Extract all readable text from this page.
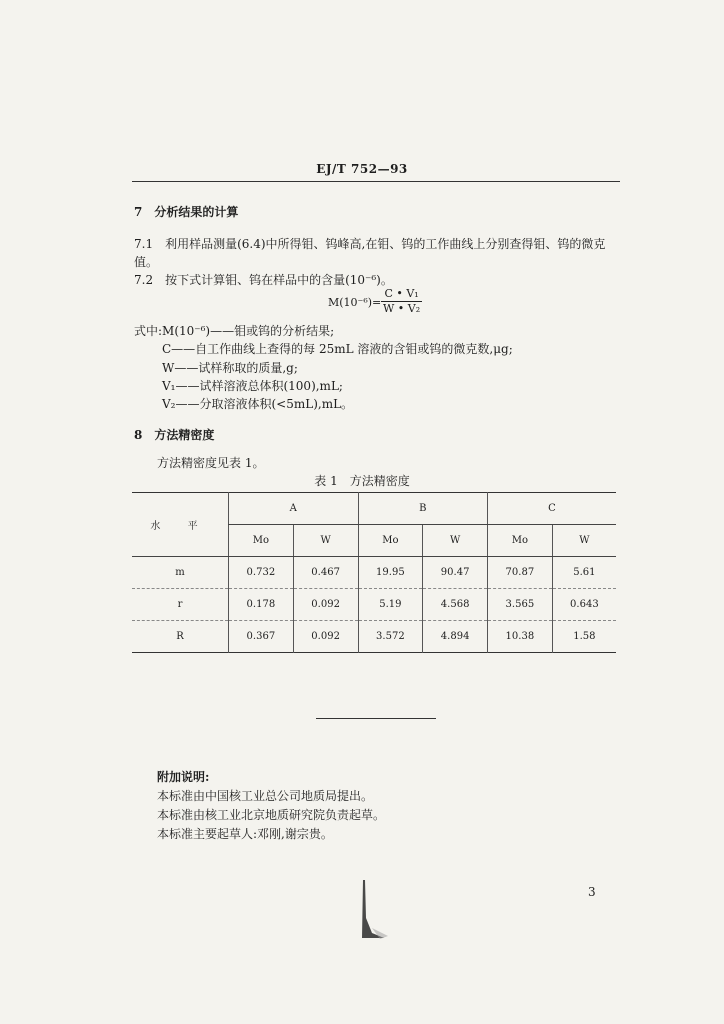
EJ/T 752—93
7　分析结果的计算
7.1　利用样品测量(6.4)中所得钼、钨峰高,在钼、钨的工作曲线上分别查得钼、钨的微克
值。
7.2　按下式计算钼、钨在样品中的含量(10⁻⁶)。
$M(10^{-6})= \frac{\text{C • V₁}}{\text{W • V₂}}$
式中:M(10⁻⁶)——钼或钨的分析结果;
C——自工作曲线上查得的每 25mL 溶液的含钼或钨的微克数,μg;
W——试样称取的质量,g;
V₁——试样溶液总体积(100),mL;
V₂——分取溶液体积(<5mL),mL。
8　方法精密度
方法精密度见表 1。
表 1　方法精密度
水 平	A		B		C	
	Mo	W	Mo	W	Mo	W
m	0.732	0.467	19.95	90.47	70.87	5.61
r	0.178	0.092	5.19	4.568	3.565	0.643
R	0.367	0.092	3.572	4.894	10.38	1.58
附加说明:
本标准由中国核工业总公司地质局提出。
本标准由核工业北京地质研究院负责起草。
本标准主要起草人:邓刚,谢宗贵。
3
